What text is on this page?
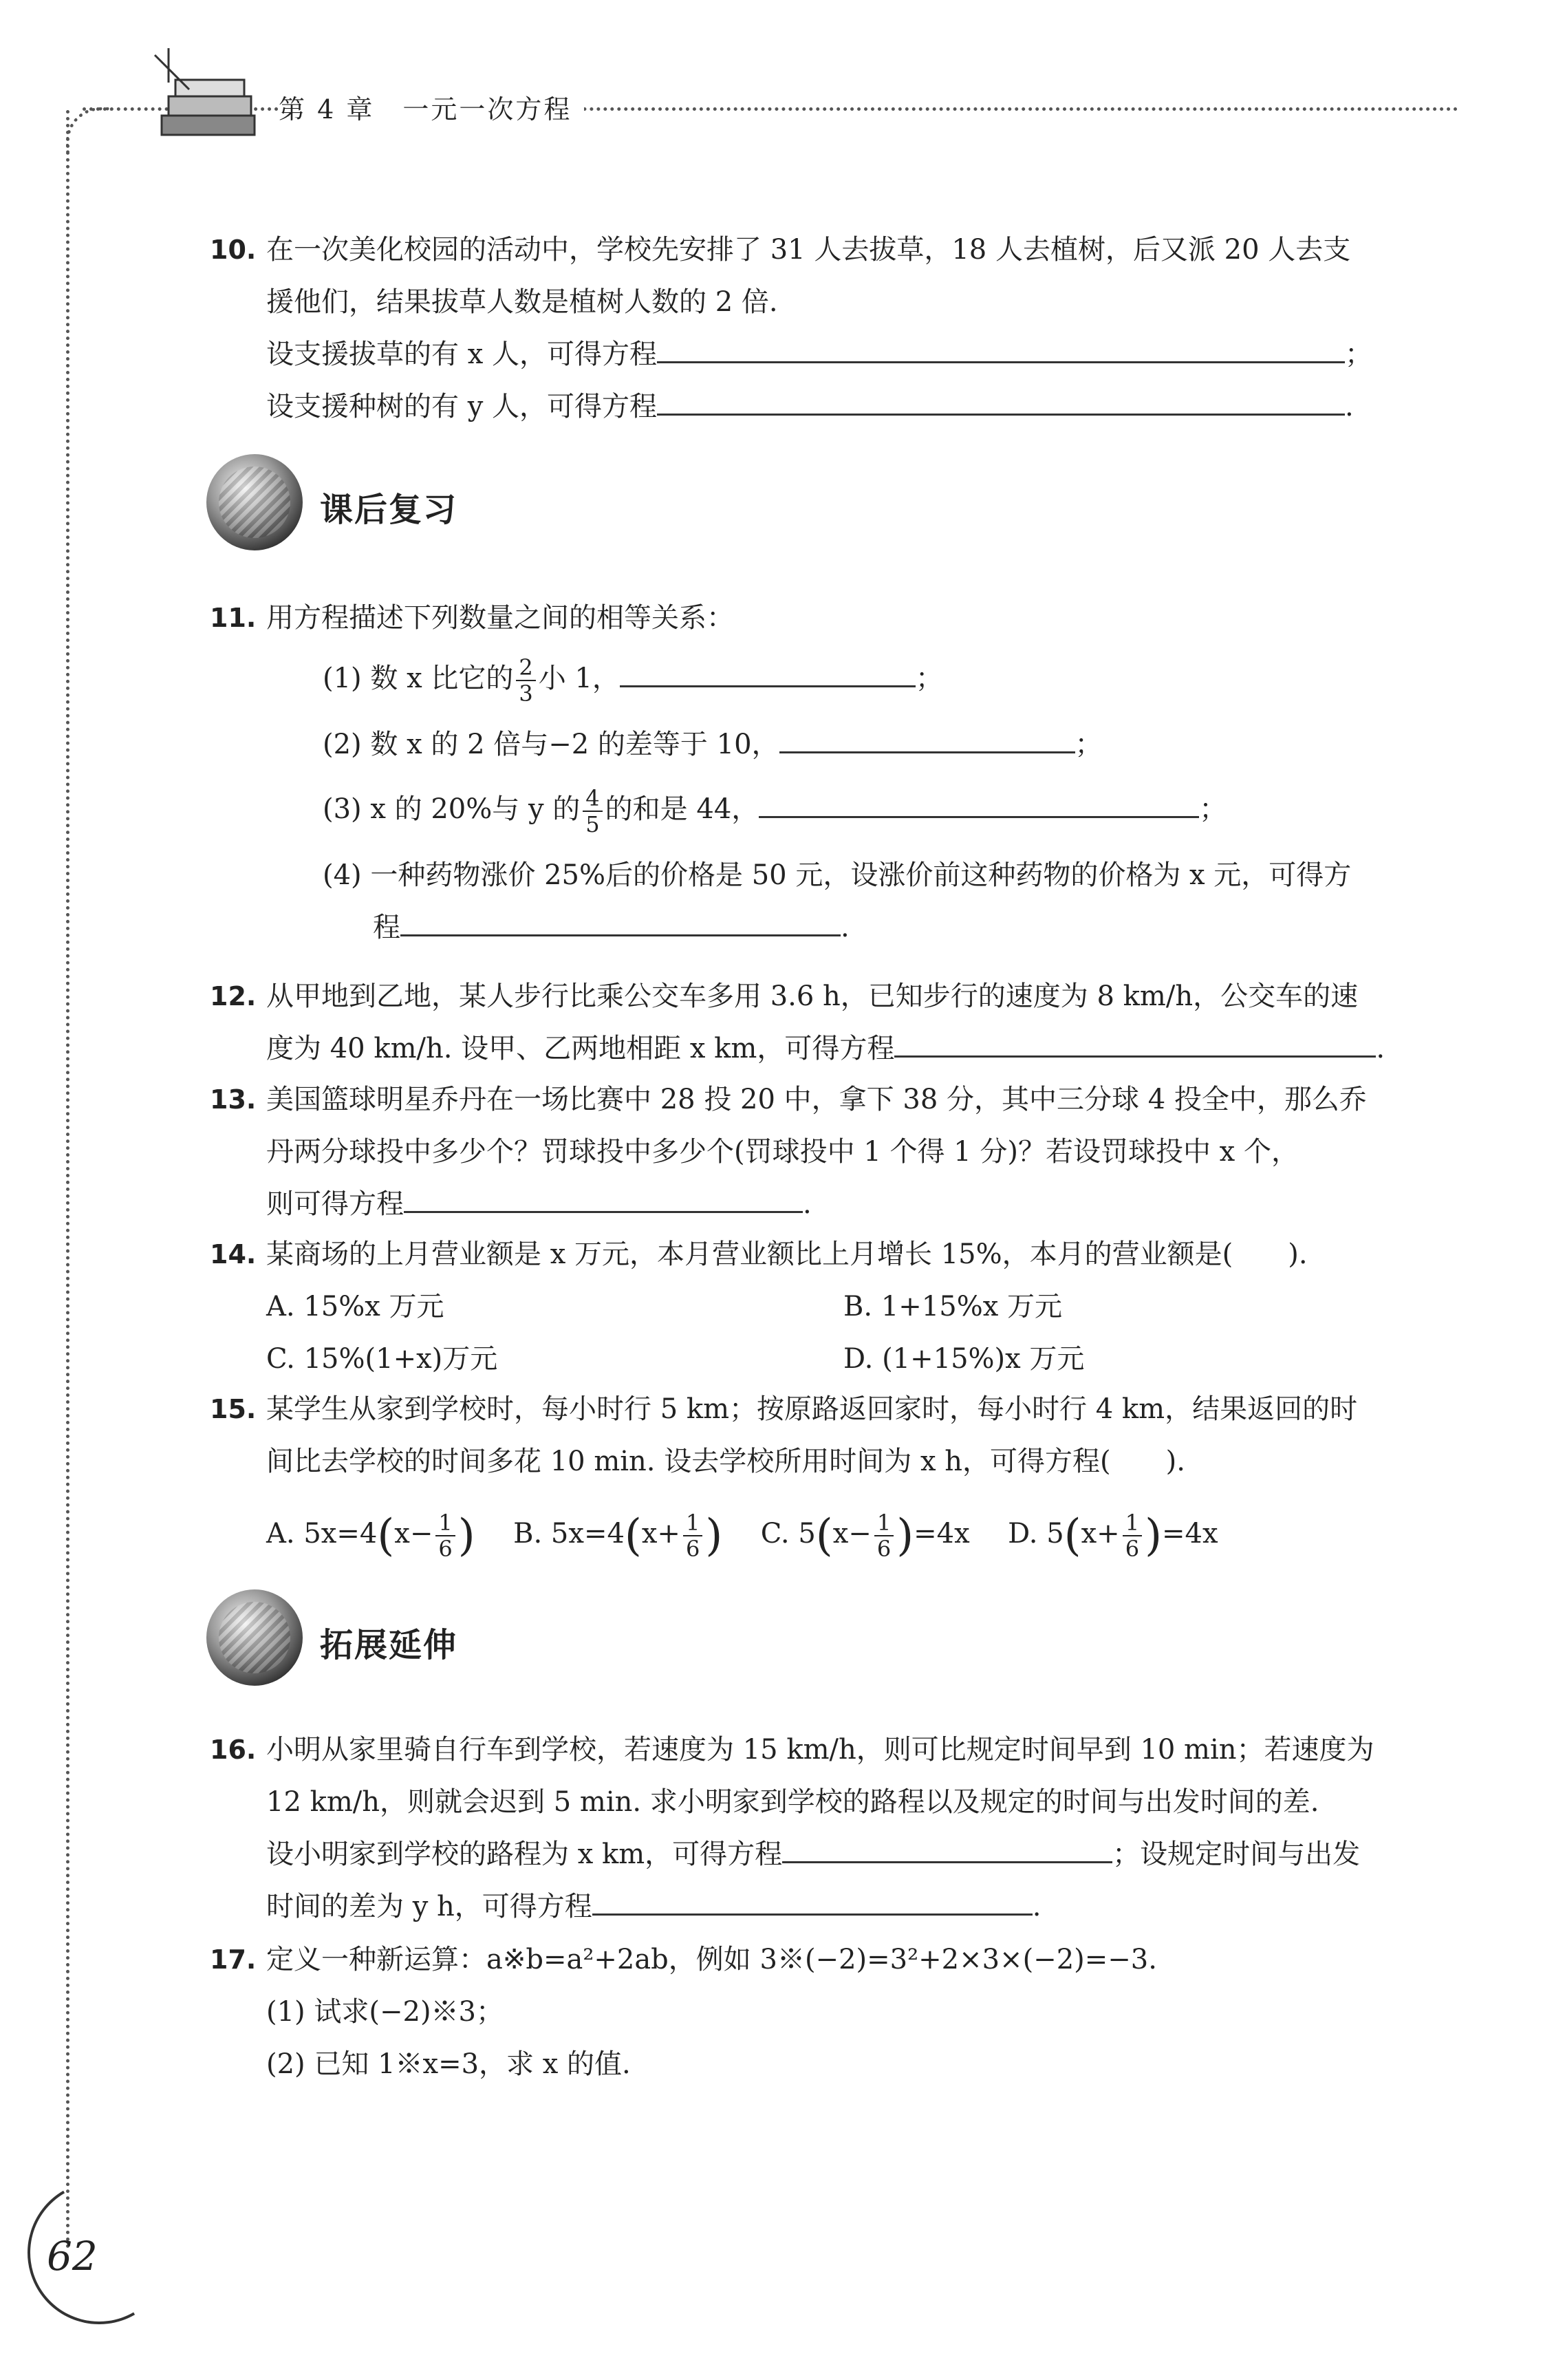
第 4 章　一元一次方程
10. 在一次美化校园的活动中，学校先安排了 31 人去拔草，18 人去植树，后又派 20 人去支
援他们，结果拔草人数是植树人数的 2 倍.
设支援拔草的有 x 人，可得方程	；
设支援种树的有 y 人，可得方程	.
课后复习
11. 用方程描述下列数量之间的相等关系：
(1) 数 x 比它的 $\frac{2}{3}$ 小 1，	；
(2) 数 x 的 2 倍与−2 的差等于 10，	；
(3) x 的 20%与 y 的 $\frac{4}{5}$ 的和是 44，	；
(4) 一种药物涨价 25%后的价格是 50 元，设涨价前这种药物的价格为 x 元，可得方
程	.
12. 从甲地到乙地，某人步行比乘公交车多用 3.6 h，已知步行的速度为 8 km/h，公交车的速
度为 40 km/h. 设甲、乙两地相距 x km，可得方程	.
13. 美国篮球明星乔丹在一场比赛中 28 投 20 中，拿下 38 分，其中三分球 4 投全中，那么乔
丹两分球投中多少个？罚球投中多少个(罚球投中 1 个得 1 分)？若设罚球投中 x 个，
则可得方程	.
14. 某商场的上月营业额是 x 万元，本月营业额比上月增长 15%，本月的营业额是(　　).
A. 15%x 万元	B. 1+15%x 万元
C. 15%(1+x)万元	D. (1+15%)x 万元
15. 某学生从家到学校时，每小时行 5 km；按原路返回家时，每小时行 4 km，结果返回的时
间比去学校的时间多花 10 min. 设去学校所用时间为 x h，可得方程(　　).
A. $5x=4(x- \frac{1}{6}$ ) B. $5x=4(x+ \frac{1}{6}$ ) C. $5(x- \frac{1}{6} )=4x$ D. $5(x+ \frac{1}{6} )=4x$
拓展延伸
16. 小明从家里骑自行车到学校，若速度为 15 km/h，则可比规定时间早到 10 min；若速度为
12 km/h，则就会迟到 5 min. 求小明家到学校的路程以及规定的时间与出发时间的差.
设小明家到学校的路程为 x km，可得方程	；设规定时间与出发
时间的差为 y h，可得方程	.
17. 定义一种新运算：a※b=a²+2ab，例如 3※(−2)=3²+2×3×(−2)=−3.
(1) 试求(−2)※3；
(2) 已知 1※x=3，求 x 的值.
62
